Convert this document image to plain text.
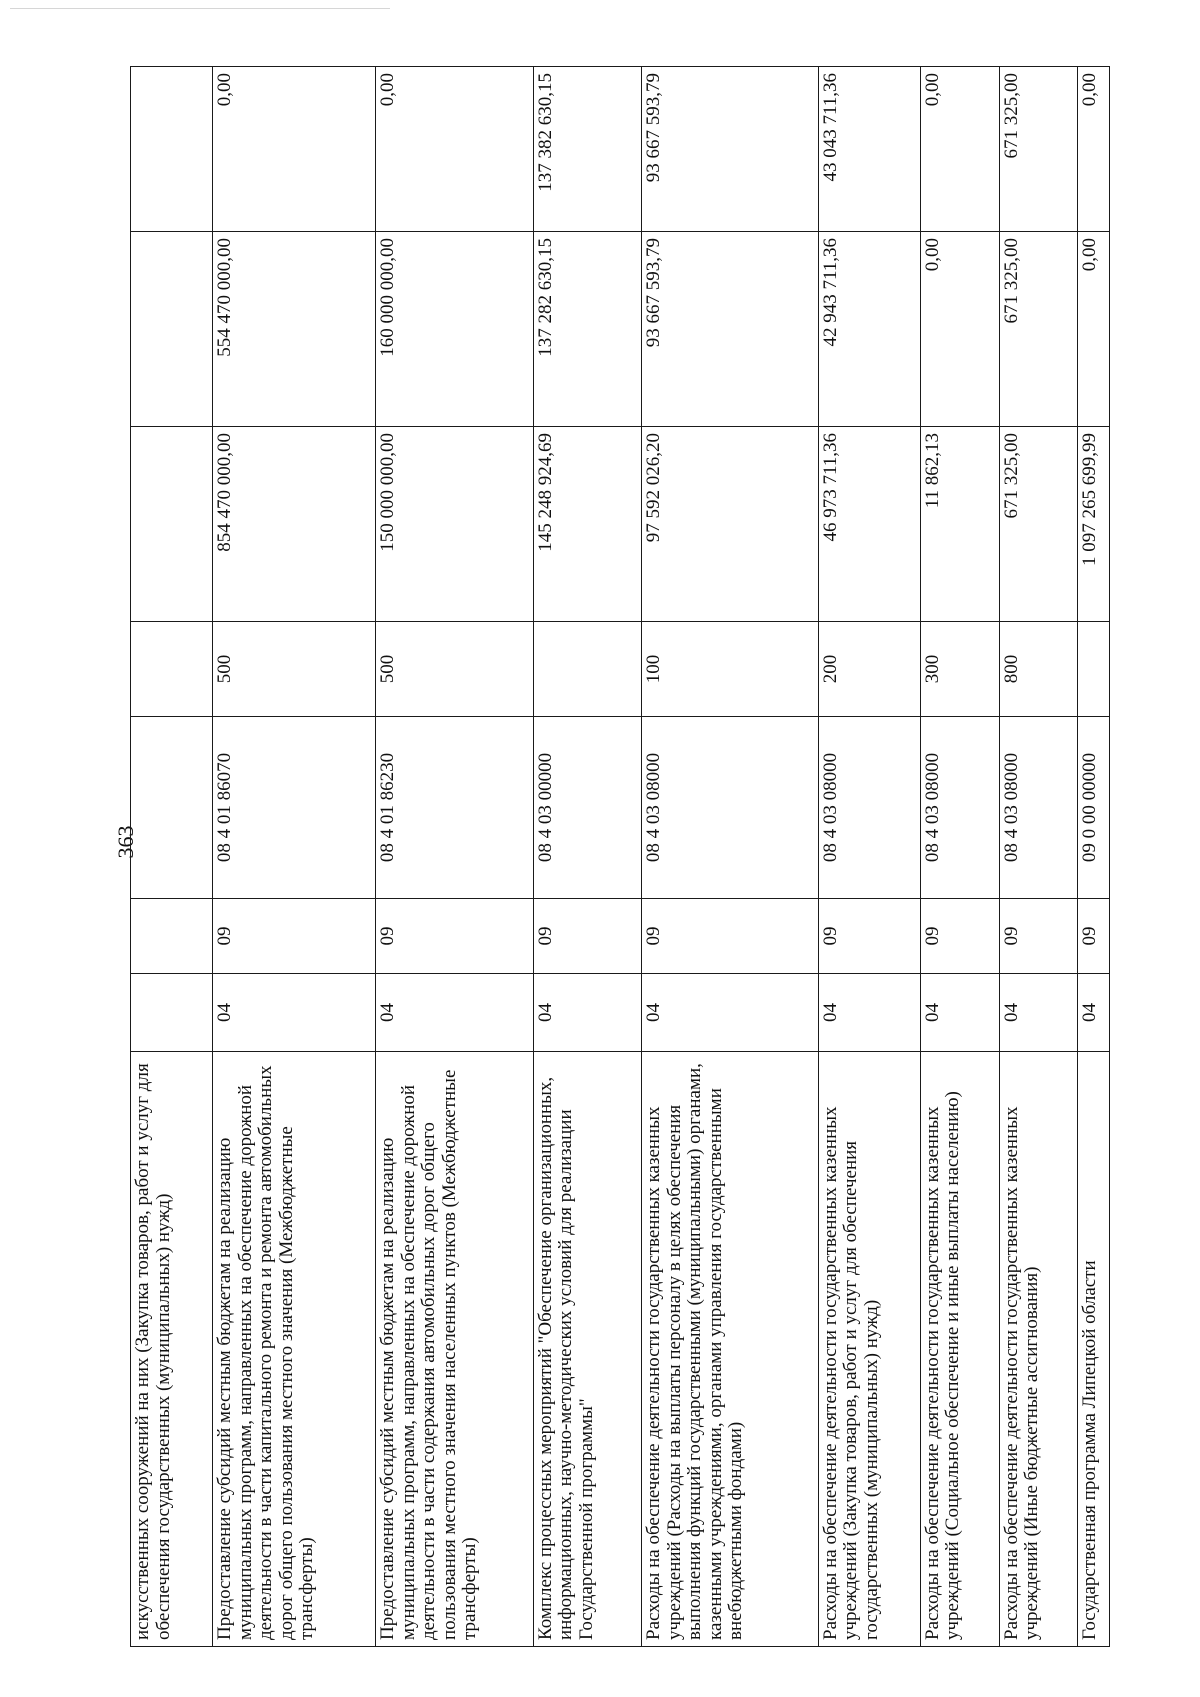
363
искусственных сооружений на них (Закупка товаров, работ и услуг для обеспечения государственных (муниципальных) нужд)							
Предоставление субсидий местным бюджетам на реализацию муниципальных программ, направленных на обеспечение дорожной деятельности в части капитального ремонта и ремонта автомобильных дорог общего пользования местного значения (Межбюджетные трансферты)	04	09	08 4 01 86070	500	854 470 000,00	554 470 000,00	0,00
Предоставление субсидий местным бюджетам на реализацию муниципальных программ, направленных на обеспечение дорожной деятельности в части содержания автомобильных дорог общего пользования местного значения населенных пунктов (Межбюджетные трансферты)	04	09	08 4 01 86230	500	150 000 000,00	160 000 000,00	0,00
Комплекс процессных мероприятий "Обеспечение организационных, информационных, научно-методических условий для реализации Государственной программы"	04	09	08 4 03 00000		145 248 924,69	137 282 630,15	137 382 630,15
Расходы на обеспечение деятельности государственных казенных учреждений (Расходы на выплаты персоналу в целях обеспечения выполнения функций государственными (муниципальными) органами, казенными учреждениями, органами управления государственными внебюджетными фондами)	04	09	08 4 03 08000	100	97 592 026,20	93 667 593,79	93 667 593,79
Расходы на обеспечение деятельности государственных казенных учреждений (Закупка товаров, работ и услуг для обеспечения государственных (муниципальных) нужд)	04	09	08 4 03 08000	200	46 973 711,36	42 943 711,36	43 043 711,36
Расходы на обеспечение деятельности государственных казенных учреждений (Социальное обеспечение и иные выплаты населению)	04	09	08 4 03 08000	300	11 862,13	0,00	0,00
Расходы на обеспечение деятельности государственных казенных учреждений (Иные бюджетные ассигнования)	04	09	08 4 03 08000	800	671 325,00	671 325,00	671 325,00
Государственная программа Липецкой области	04	09	09 0 00 00000		1 097 265 699,99	0,00	0,00
